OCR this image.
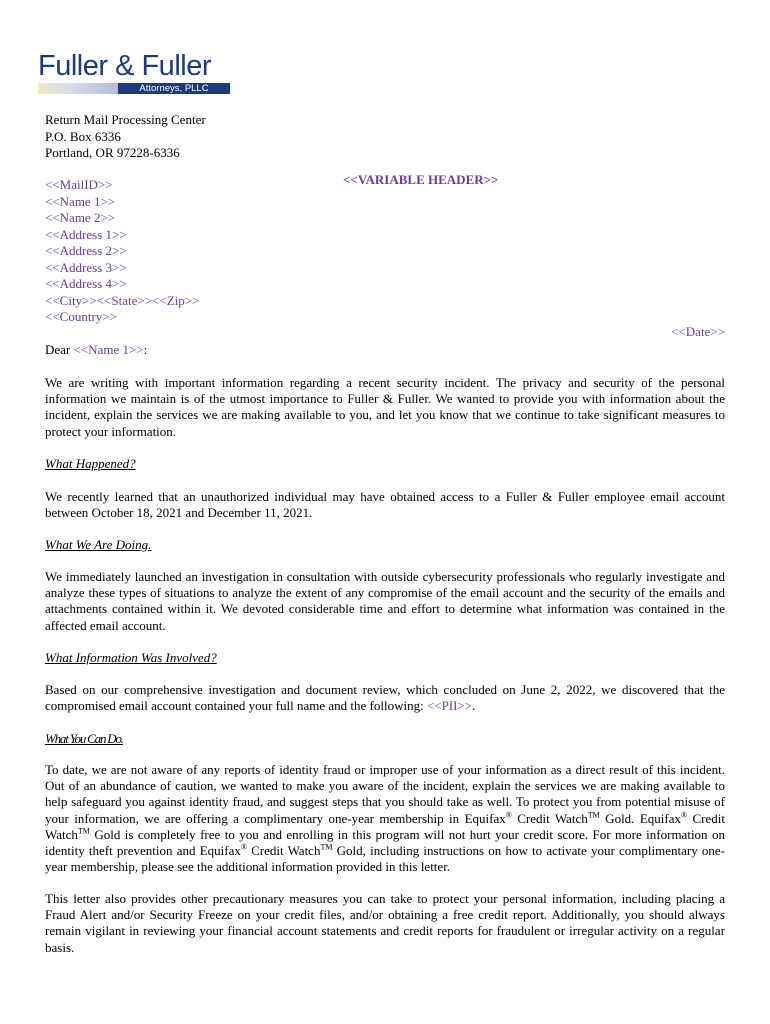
Fuller & Fuller
Attorneys, PLLC
Return Mail Processing Center
P.O. Box 6336
Portland, OR 97228-6336
<<VARIABLE HEADER>>
<<MailID>>
<<Name 1>>
<<Name 2>>
<<Address 1>>
<<Address 2>>
<<Address 3>>
<<Address 4>>
<<City>><<State>><<Zip>>
<<Country>>
<<Date>>
Dear <<Name 1>>:
We are writing with important information regarding a recent security incident. The privacy and security of the personal information we maintain is of the utmost importance to Fuller & Fuller. We wanted to provide you with information about the incident, explain the services we are making available to you, and let you know that we continue to take significant measures to protect your information.
What Happened?
We recently learned that an unauthorized individual may have obtained access to a Fuller & Fuller employee email account between October 18, 2021 and December 11, 2021.
What We Are Doing.
We immediately launched an investigation in consultation with outside cybersecurity professionals who regularly investigate and analyze these types of situations to analyze the extent of any compromise of the email account and the security of the emails and attachments contained within it. We devoted considerable time and effort to determine what information was contained in the affected email account.
What Information Was Involved?
Based on our comprehensive investigation and document review, which concluded on June 2, 2022, we discovered that the compromised email account contained your full name and the following: <<PII>>.
What You Can Do.
To date, we are not aware of any reports of identity fraud or improper use of your information as a direct result of this incident. Out of an abundance of caution, we wanted to make you aware of the incident, explain the services we are making available to help safeguard you against identity fraud, and suggest steps that you should take as well. To protect you from potential misuse of your information, we are offering a complimentary one-year membership in Equifax® Credit Watch™ Gold. Equifax® Credit Watch™ Gold is completely free to you and enrolling in this program will not hurt your credit score. For more information on identity theft prevention and Equifax® Credit Watch™ Gold, including instructions on how to activate your complimentary one-year membership, please see the additional information provided in this letter.
This letter also provides other precautionary measures you can take to protect your personal information, including placing a Fraud Alert and/or Security Freeze on your credit files, and/or obtaining a free credit report. Additionally, you should always remain vigilant in reviewing your financial account statements and credit reports for fraudulent or irregular activity on a regular basis.
